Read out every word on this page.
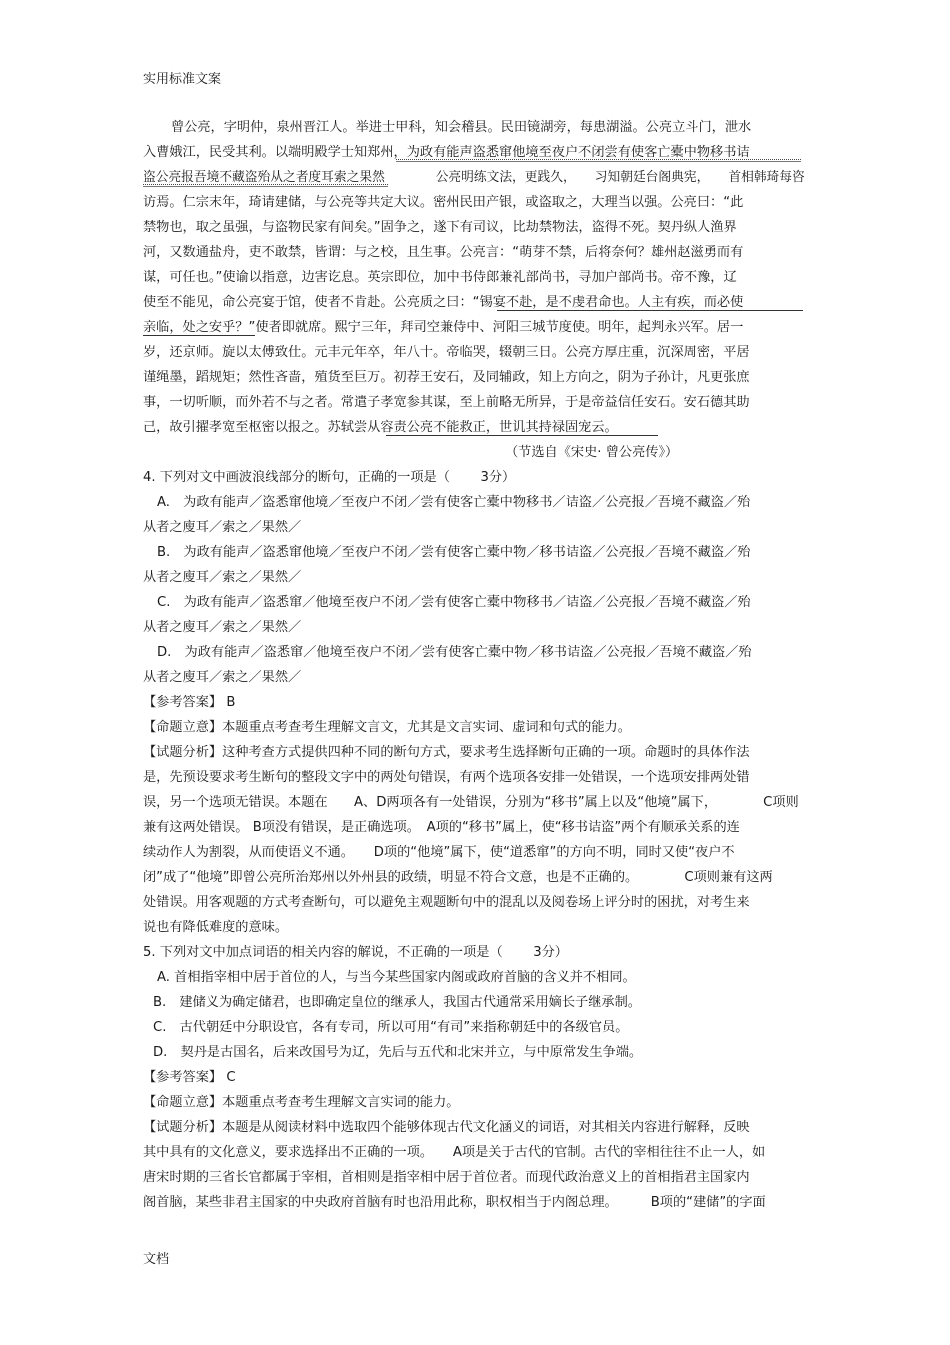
实用标准文案
曾公亮，字明仲，泉州晋江人。举进士甲科，知会稽县。民田镜湖旁，每患湖溢。公亮立斗门，泄水
入曹娥江，民受其利。以端明殿学士知郑州，为政有能声盗悉窜他境至夜户不闭尝有使客亡橐中物移书诘
盗公亮报吾境不藏盗殆从之者度耳索之果然　　　　公亮明练文法，更践久，　　习知朝廷台阁典宪，　　首相韩琦每咨
访焉。仁宗末年，琦请建储，与公亮等共定大议。密州民田产银，或盗取之，大理当以强。公亮曰：“此
禁物也，取之虽强，与盗物民家有间矣。”固争之，遂下有司议，比劫禁物法，盗得不死。契丹纵人渔界
河，又数通盐舟，吏不敢禁，皆谓：与之校，且生事。公亮言：“萌芽不禁，后将奈何？雄州赵滋勇而有
谋，可任也。”使谕以指意，边害讫息。英宗即位，加中书侍郎兼礼部尚书，寻加户部尚书。帝不豫，辽
使至不能见，命公亮宴于馆，使者不肯赴。公亮质之曰：“锡宴不赴，是不虔君命也。人主有疾，而必使
亲临，处之安乎？”使者即就席。熙宁三年，拜司空兼侍中、河阳三城节度使。明年，起判永兴军。居一
岁，还京师。旋以太傅致仕。元丰元年卒，年八十。帝临哭，辍朝三日。公亮方厚庄重，沉深周密，平居
谨绳墨，蹈规矩；然性吝啬，殖货至巨万。初荐王安石，及同辅政，知上方向之，阴为子孙计，凡更张庶
事，一切听顺，而外若不与之者。常遣子孝宽参其谋，至上前略无所异，于是帝益信任安石。安石德其助
己，故引擢孝宽至枢密以报之。苏轼尝从容责公亮不能救正，世讥其持禄固宠云。
（节选自《宋史· 曾公亮传》）
4. 下列对文中画波浪线部分的断句，正确的一项是（　　 3分）
A.　为政有能声／盗悉窜他境／至夜户不闭／尝有使客亡橐中物移书／诘盗／公亮报／吾境不藏盗／殆
从者之廋耳／索之／果然／
B.　为政有能声／盗悉窜他境／至夜户不闭／尝有使客亡橐中物／移书诘盗／公亮报／吾境不藏盗／殆
从者之廋耳／索之／果然／
C.　为政有能声／盗悉窜／他境至夜户不闭／尝有使客亡橐中物移书／诘盗／公亮报／吾境不藏盗／殆
从者之廋耳／索之／果然／
D.　为政有能声／盗悉窜／他境至夜户不闭／尝有使客亡橐中物／移书诘盗／公亮报／吾境不藏盗／殆
从者之廋耳／索之／果然／
【参考答案】 B
【命题立意】本题重点考查考生理解文言文，尤其是文言实词、虚词和句式的能力。
【试题分析】这种考查方式提供四种不同的断句方式，要求考生选择断句正确的一项。命题时的具体作法
是，先预设要求考生断句的整段文字中的两处句错误，有两个选项各安排一处错误，一个选项安排两处错
误，另一个选项无错误。本题在　　A、D两项各有一处错误，分别为“移书”属上以及“他境”属下，　　　　C项则
兼有这两处错误。 B项没有错误，是正确选项。　A项的“移书”属上，使“移书诘盗”两个有顺承关系的连
续动作人为割裂，从而使语义不通。　　D项的“他境”属下，使“道悉窜”的方向不明，同时又使“夜户不
闭”成了“他境”即曾公亮所治郑州以外州县的政绩，明显不符合文意，也是不正确的。　　　　C项则兼有这两
处错误。用客观题的方式考查断句，可以避免主观题断句中的混乱以及阅卷场上评分时的困扰，对考生来
说也有降低难度的意味。
5. 下列对文中加点词语的相关内容的解说，不正确的一项是（　　 3分）
A. 首相指宰相中居于首位的人，与当今某些国家内阁或政府首脑的含义并不相同。
B.　建储义为确定储君，也即确定皇位的继承人，我国古代通常采用嫡长子继承制。
C.　古代朝廷中分职设官，各有专司，所以可用“有司”来指称朝廷中的各级官员。
D.　契丹是古国名，后来改国号为辽，先后与五代和北宋并立，与中原常发生争端。
【参考答案】 C
【命题立意】本题重点考查考生理解文言实词的能力。
【试题分析】本题是从阅读材料中选取四个能够体现古代文化涵义的词语，对其相关内容进行解释，反映
其中具有的文化意义，要求选择出不正确的一项。　　A项是关于古代的官制。古代的宰相往往不止一人，如
唐宋时期的三省长官都属于宰相，首相则是指宰相中居于首位者。而现代政治意义上的首相指君主国家内
阁首脑，某些非君主国家的中央政府首脑有时也沿用此称，职权相当于内阁总理。　　　B项的“建储”的字面
文档
